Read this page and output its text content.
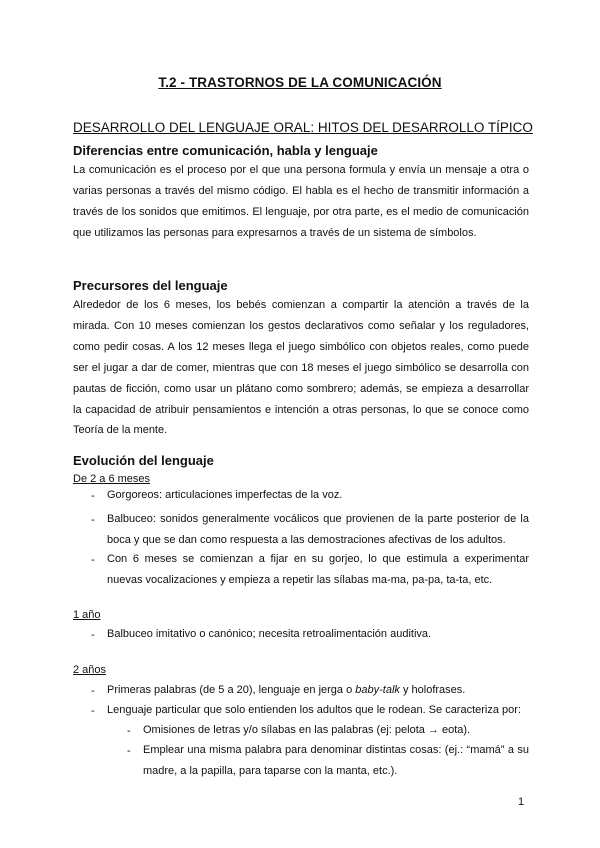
T.2 - TRASTORNOS DE LA COMUNICACIÓN
DESARROLLO DEL LENGUAJE ORAL: HITOS DEL DESARROLLO TÍPICO
Diferencias entre comunicación, habla y lenguaje

La comunicación es el proceso por el que una persona formula y envía un mensaje a otra o varias personas a través del mismo código. El habla es el hecho de transmitir información a través de los sonidos que emitimos. El lenguaje, por otra parte, es el medio de comunicación que utilizamos las personas para expresarnos a través de un sistema de símbolos.

Precursores del lenguaje

Alrededor de los 6 meses, los bebés comienzan a compartir la atención a través de la mirada. Con 10 meses comienzan los gestos declarativos como señalar y los reguladores, como pedir cosas. A los 12 meses llega el juego simbólico con objetos reales, como puede ser el jugar a dar de comer, mientras que con 18 meses el juego simbólico se desarrolla con pautas de ficción, como usar un plátano como sombrero; además, se empieza a desarrollar la capacidad de atribuir pensamientos e intención a otras personas, lo que se conoce como Teoría de la mente.

Evolución del lenguaje
De 2 a 6 meses
- Gorgoreos: articulaciones imperfectas de la voz.
- Balbuceo: sonidos generalmente vocálicos que provienen de la parte posterior de la boca y que se dan como respuesta a las demostraciones afectivas de los adultos.
- Con 6 meses se comienzan a fijar en su gorjeo, lo que estimula a experimentar nuevas vocalizaciones y empieza a repetir las sílabas ma-ma, pa-pa, ta-ta, etc.
1 año
- Balbuceo imitativo o canónico; necesita retroalimentación auditiva.
2 años
- Primeras palabras (de 5 a 20), lenguaje en jerga o baby-talk y holofrases.
- Lenguaje particular que solo entienden los adultos que le rodean. Se caracteriza por:
- Omisiones de letras y/o sílabas en las palabras (ej: pelota → eota).
- Emplear una misma palabra para denominar distintas cosas: (ej.: “mamá” a su madre, a la papilla, para taparse con la manta, etc.).
1
